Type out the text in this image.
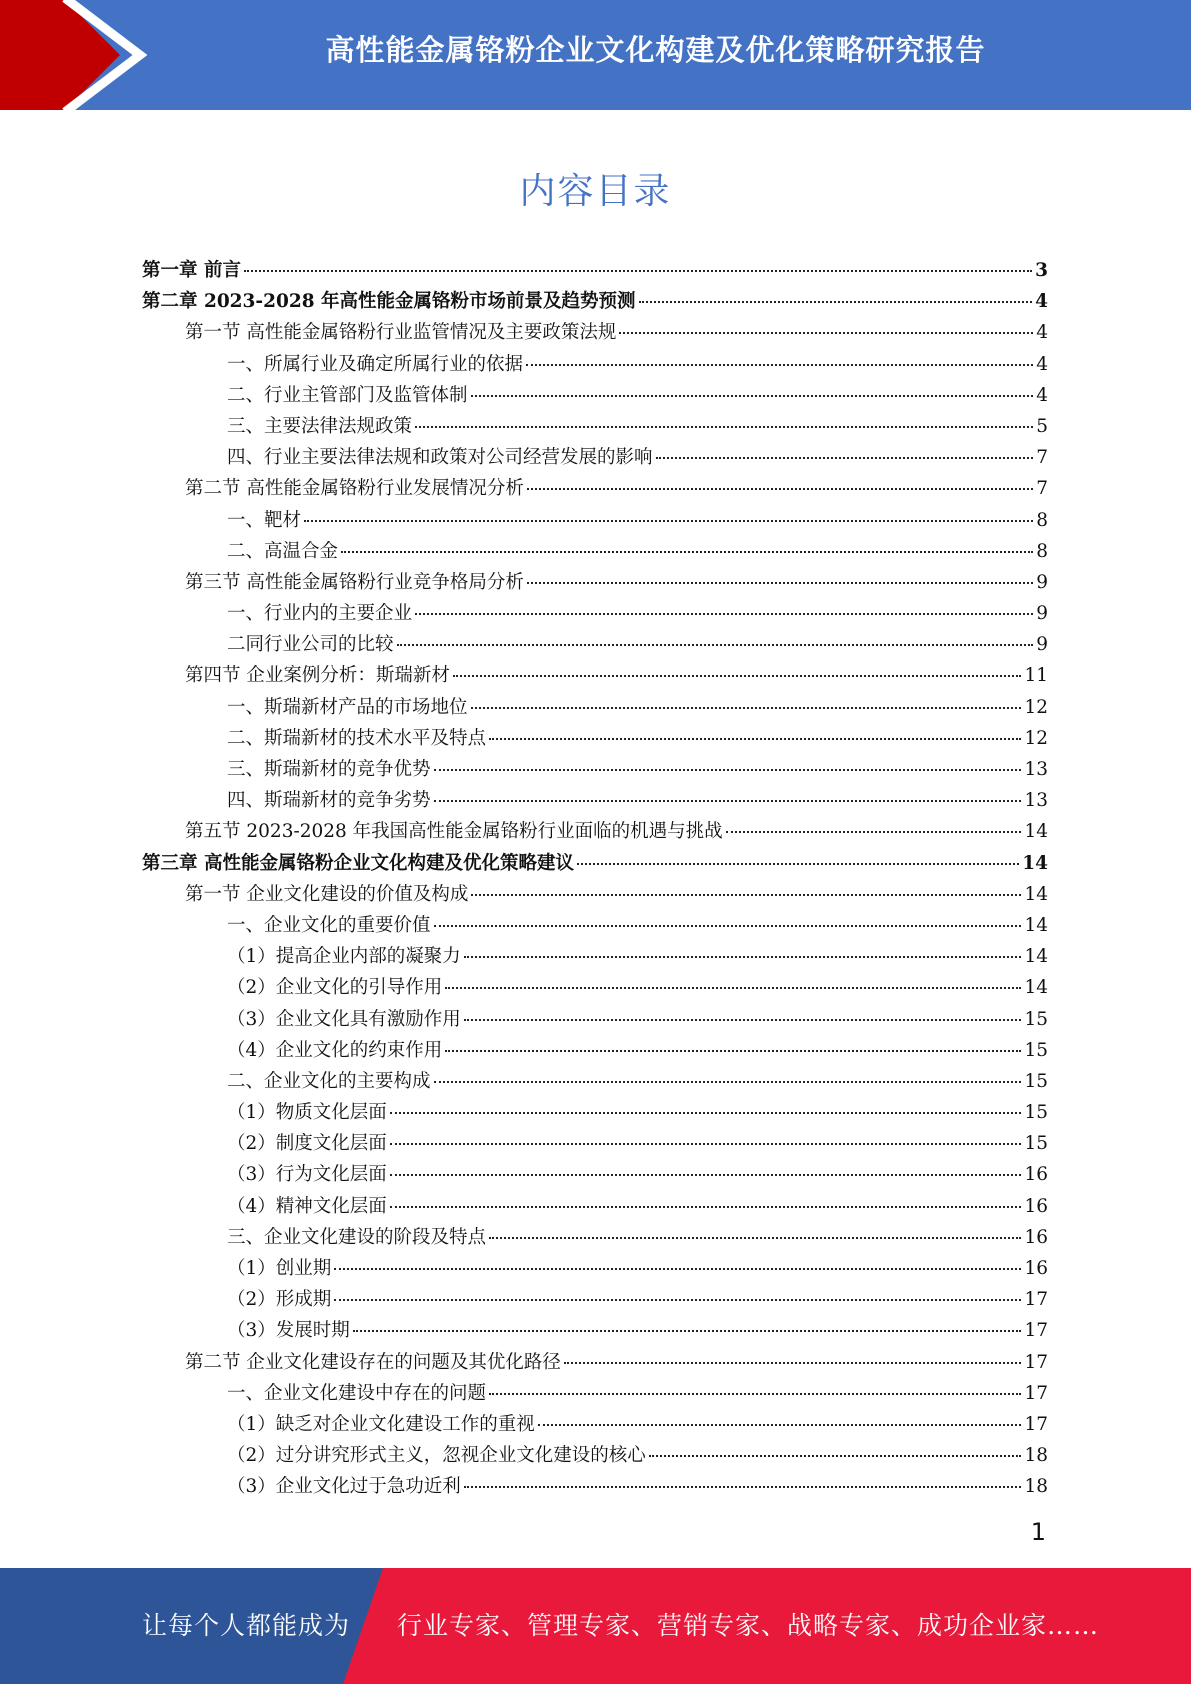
高性能金属铬粉企业文化构建及优化策略研究报告
内容目录
第一章 前言	3
第二章 2023-2028 年高性能金属铬粉市场前景及趋势预测	4
第一节 高性能金属铬粉行业监管情况及主要政策法规	4
一、所属行业及确定所属行业的依据	4
二、行业主管部门及监管体制	4
三、主要法律法规政策	5
四、行业主要法律法规和政策对公司经营发展的影响	7
第二节 高性能金属铬粉行业发展情况分析	7
一、靶材	8
二、高温合金	8
第三节 高性能金属铬粉行业竞争格局分析	9
一、行业内的主要企业	9
二同行业公司的比较	9
第四节 企业案例分析：斯瑞新材	11
一、斯瑞新材产品的市场地位	12
二、斯瑞新材的技术水平及特点	12
三、斯瑞新材的竞争优势	13
四、斯瑞新材的竞争劣势	13
第五节 2023-2028 年我国高性能金属铬粉行业面临的机遇与挑战	14
第三章 高性能金属铬粉企业文化构建及优化策略建议	14
第一节 企业文化建设的价值及构成	14
一、企业文化的重要价值	14
（1）提高企业内部的凝聚力	14
（2）企业文化的引导作用	14
（3）企业文化具有激励作用	15
（4）企业文化的约束作用	15
二、企业文化的主要构成	15
（1）物质文化层面	15
（2）制度文化层面	15
（3）行为文化层面	16
（4）精神文化层面	16
三、企业文化建设的阶段及特点	16
（1）创业期	16
（2）形成期	17
（3）发展时期	17
第二节 企业文化建设存在的问题及其优化路径	17
一、企业文化建设中存在的问题	17
（1）缺乏对企业文化建设工作的重视	17
（2）过分讲究形式主义，忽视企业文化建设的核心	18
（3）企业文化过于急功近利	18
1
让每个人都能成为 行业专家、管理专家、营销专家、战略专家、成功企业家……
